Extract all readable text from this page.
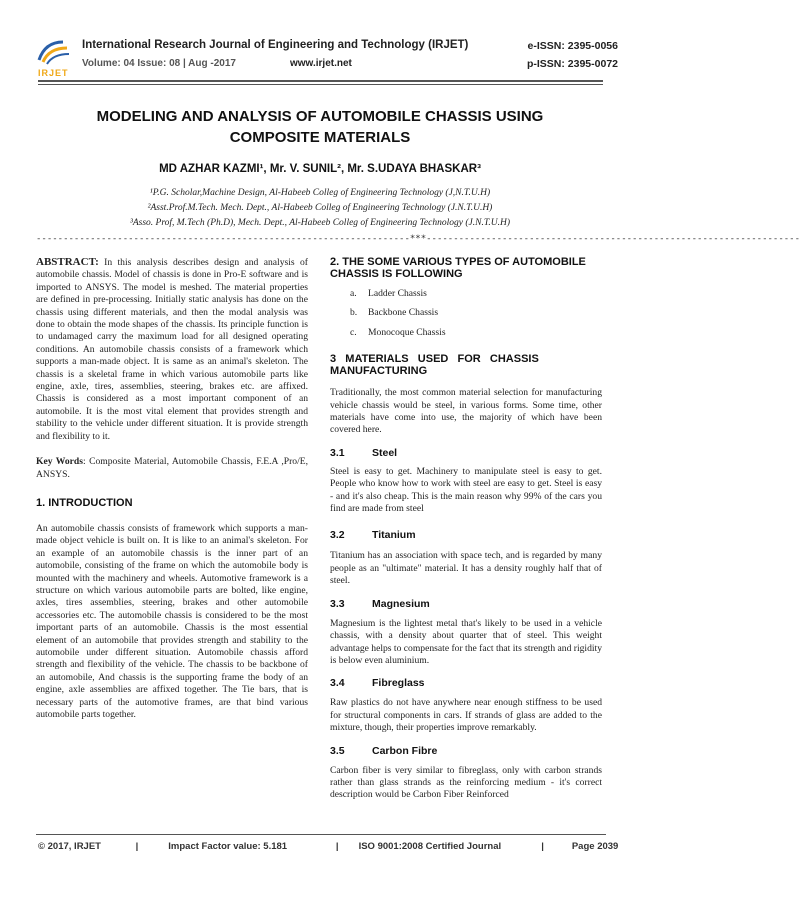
IRJET
International Research Journal of Engineering and Technology (IRJET)	e-ISSN: 2395-0056
Volume: 04 Issue: 08 | Aug -2017	www.irjet.net	p-ISSN: 2395-0072
MODELING AND ANALYSIS OF AUTOMOBILE CHASSIS USING
COMPOSITE MATERIALS
MD AZHAR KAZMI¹, Mr. V. SUNIL², Mr. S.UDAYA BHASKAR³
¹P.G. Scholar,Machine Design, Al-Habeeb Colleg of Engineering Technology (J,N.T.U.H)
²Asst.Prof.M.Tech. Mech. Dept., Al-Habeeb Colleg of Engineering Technology (J.N.T.U.H)
³Asso. Prof, M.Tech (Ph.D), Mech. Dept., Al-Habeeb Colleg of Engineering Technology (J.N.T.U.H)
---------------------------------------------------------------------***---------------------------------------------------------------------

ABSTRACT: In this analysis describes design and analysis of automobile chassis. Model of chassis is done in Pro-E software and is imported to ANSYS. The model is meshed. The material properties are defined in pre-processing. Initially static analysis has done on the chassis using different materials, and then the modal analysis was done to obtain the mode shapes of the chassis. Its principle function is to undamaged carry the maximum load for all designed operating conditions. An automobile chassis consists of a framework which supports a man-made object. It is same as an animal's skeleton. The chassis is a skeletal frame in which various automobile parts like engine, axle, tires, assemblies, steering, brakes etc. are affixed. Chassis is considered as a most important component of an automobile. It is the most vital element that provides strength and stability to the vehicle under different situation. It is provide strength and flexibility to it.

Key Words: Composite Material, Automobile Chassis, F.E.A ,Pro/E, ANSYS.

1. INTRODUCTION

An automobile chassis consists of framework which supports a man-made object vehicle is built on. It is like to an animal's skeleton. For an example of an automobile chassis is the inner part of an automobile, consisting of the frame on which the automobile body is mounted with the machinery and wheels. Automotive framework is a structure on which various automobile parts are bolted, like engine, axles, tires assemblies, steering, brakes and other automobile accessories etc. The automobile chassis is considered to be the most important parts of an automobile. Chassis is the most essential element of an automobile that provides strength and stability to the automobile under different situation. Automobile chassis afford strength and flexibility of the vehicle. The chassis to be backbone of an automobile, And chassis is the supporting frame the body of an engine, axle assemblies are affixed together. The Tie bars, that is necessary parts of the automotive frames, are that bind various automobile parts together.

2. THE SOME VARIOUS TYPES OF AUTOMOBILE CHASSIS IS FOLLOWING
a. Ladder Chassis
b. Backbone Chassis
c. Monocoque Chassis
3   MATERIALS   USED   FOR   CHASSIS
MANUFACTURING

Traditionally, the most common material selection for manufacturing vehicle chassis would be steel, in various forms. Some time, other materials have come into use, the majority of which have been covered here.

3.1	Steel

Steel is easy to get. Machinery to manipulate steel is easy to get. People who know how to work with steel are easy to get. Steel is easy - and it's also cheap. This is the main reason why 99% of the cars you find are made from steel

3.2	Titanium

Titanium has an association with space tech, and is regarded by many people as an "ultimate" material. It has a density roughly half that of steel.

3.3	Magnesium

Magnesium is the lightest metal that's likely to be used in a vehicle chassis, with a density about quarter that of steel. This weight advantage helps to compensate for the fact that its strength and rigidity is below even aluminium.

3.4	Fibreglass

Raw plastics do not have anywhere near enough stiffness to be used for structural components in cars. If strands of glass are added to the mixture, though, their properties improve remarkably.

3.5	Carbon Fibre

Carbon fiber is very similar to fibreglass, only with carbon strands rather than glass strands as the reinforcing medium - it's correct description would be Carbon Fiber Reinforced

© 2017, IRJET	|	Impact Factor value: 5.181	| ISO 9001:2008 Certified Journal	|	Page 2039
